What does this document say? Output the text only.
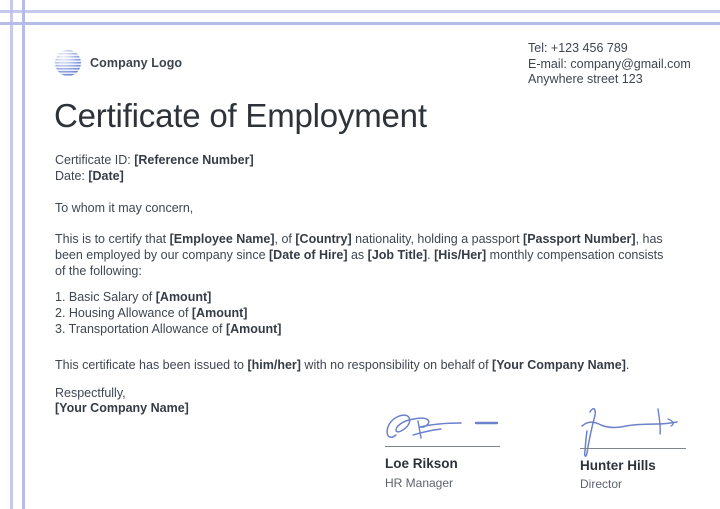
Company Logo
Tel: +123 456 789
E-mail: company@gmail.com
Anywhere street 123
Certificate of Employment
Certificate ID: [Reference Number]
Date: [Date]
To whom it may concern,
This is to certify that [Employee Name], of [Country] nationality, holding a passport [Passport Number], has been employed by our company since [Date of Hire] as [Job Title]. [His/Her] monthly compensation consists of the following:
1. Basic Salary of [Amount]
2. Housing Allowance of [Amount]
3. Transportation Allowance of [Amount]
This certificate has been issued to [him/her] with no responsibility on behalf of [Your Company Name].
Respectfully,
[Your Company Name]
Loe Rikson
HR Manager
Hunter Hills
Director
